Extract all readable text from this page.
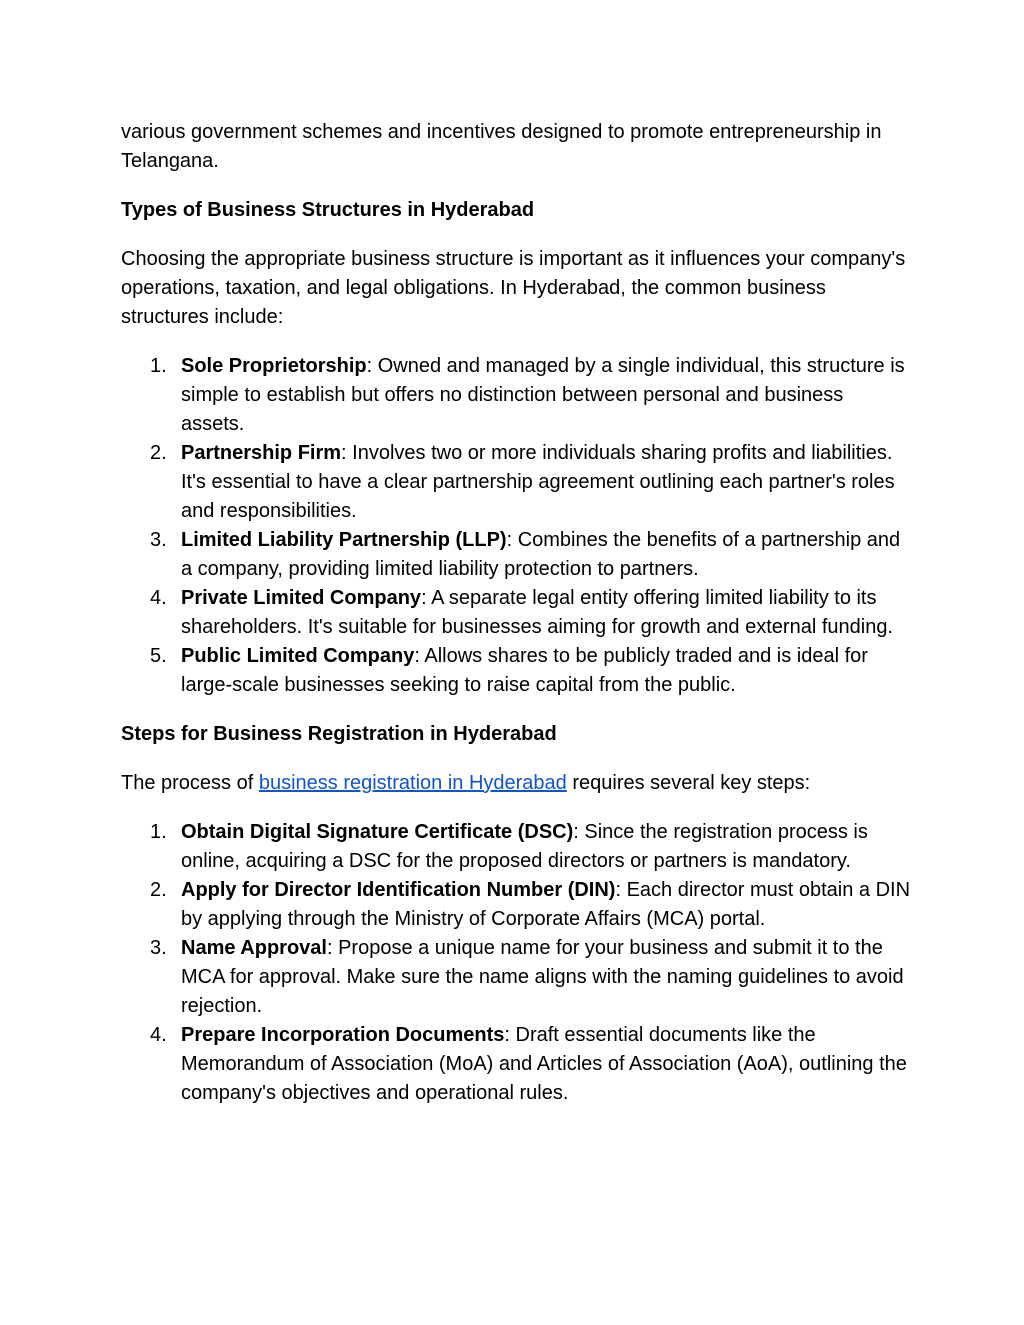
various government schemes and incentives designed to promote entrepreneurship in Telangana.

Types of Business Structures in Hyderabad

Choosing the appropriate business structure is important as it influences your company's operations, taxation, and legal obligations. In Hyderabad, the common business structures include:

1. Sole Proprietorship: Owned and managed by a single individual, this structure is simple to establish but offers no distinction between personal and business assets.
2. Partnership Firm: Involves two or more individuals sharing profits and liabilities. It's essential to have a clear partnership agreement outlining each partner's roles and responsibilities.
3. Limited Liability Partnership (LLP): Combines the benefits of a partnership and a company, providing limited liability protection to partners.
4. Private Limited Company: A separate legal entity offering limited liability to its shareholders. It's suitable for businesses aiming for growth and external funding.
5. Public Limited Company: Allows shares to be publicly traded and is ideal for large-scale businesses seeking to raise capital from the public.
Steps for Business Registration in Hyderabad

The process of business registration in Hyderabad requires several key steps:

1. Obtain Digital Signature Certificate (DSC): Since the registration process is online, acquiring a DSC for the proposed directors or partners is mandatory.
2. Apply for Director Identification Number (DIN): Each director must obtain a DIN by applying through the Ministry of Corporate Affairs (MCA) portal.
3. Name Approval: Propose a unique name for your business and submit it to the MCA for approval. Make sure the name aligns with the naming guidelines to avoid rejection.
4. Prepare Incorporation Documents: Draft essential documents like the Memorandum of Association (MoA) and Articles of Association (AoA), outlining the company's objectives and operational rules.
